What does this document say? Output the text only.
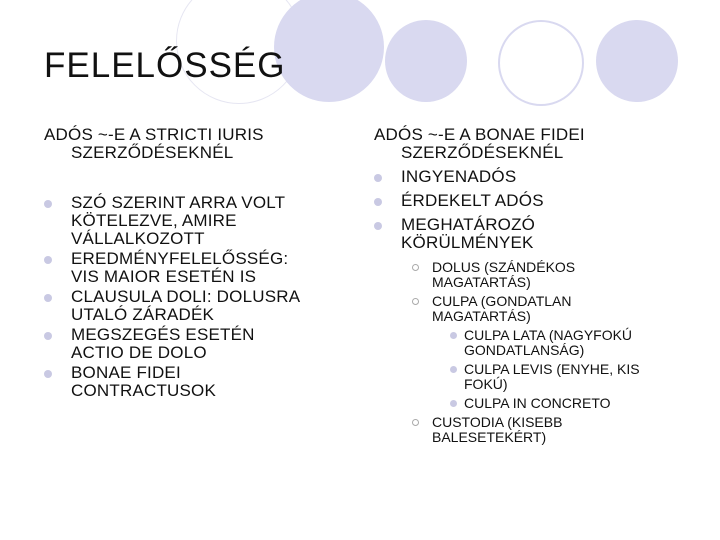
FELELŐSSÉG
ADÓS ~-E A STRICTI IURIS
SZERZŐDÉSEKNÉL
SZÓ SZERINT ARRA VOLT
KÖTELEZVE, AMIRE
VÁLLALKOZOTT
EREDMÉNYFELELŐSSÉG:
VIS MAIOR ESETÉN IS
CLAUSULA DOLI: DOLUSRA
UTALÓ ZÁRADÉK
MEGSZEGÉS ESETÉN
ACTIO DE DOLO
BONAE FIDEI
CONTRACTUSOK
ADÓS ~-E A BONAE FIDEI
SZERZŐDÉSEKNÉL
INGYENADÓS
ÉRDEKELT ADÓS
MEGHATÁROZÓ
KÖRÜLMÉNYEK
DOLUS (SZÁNDÉKOS
MAGATARTÁS)
CULPA (GONDATLAN
MAGATARTÁS)
CULPA LATA (NAGYFOKÚ
GONDATLANSÁG)
CULPA LEVIS (ENYHE, KIS
FOKÚ)
CULPA IN CONCRETO
CUSTODIA (KISEBB
BALESETEKÉRT)
